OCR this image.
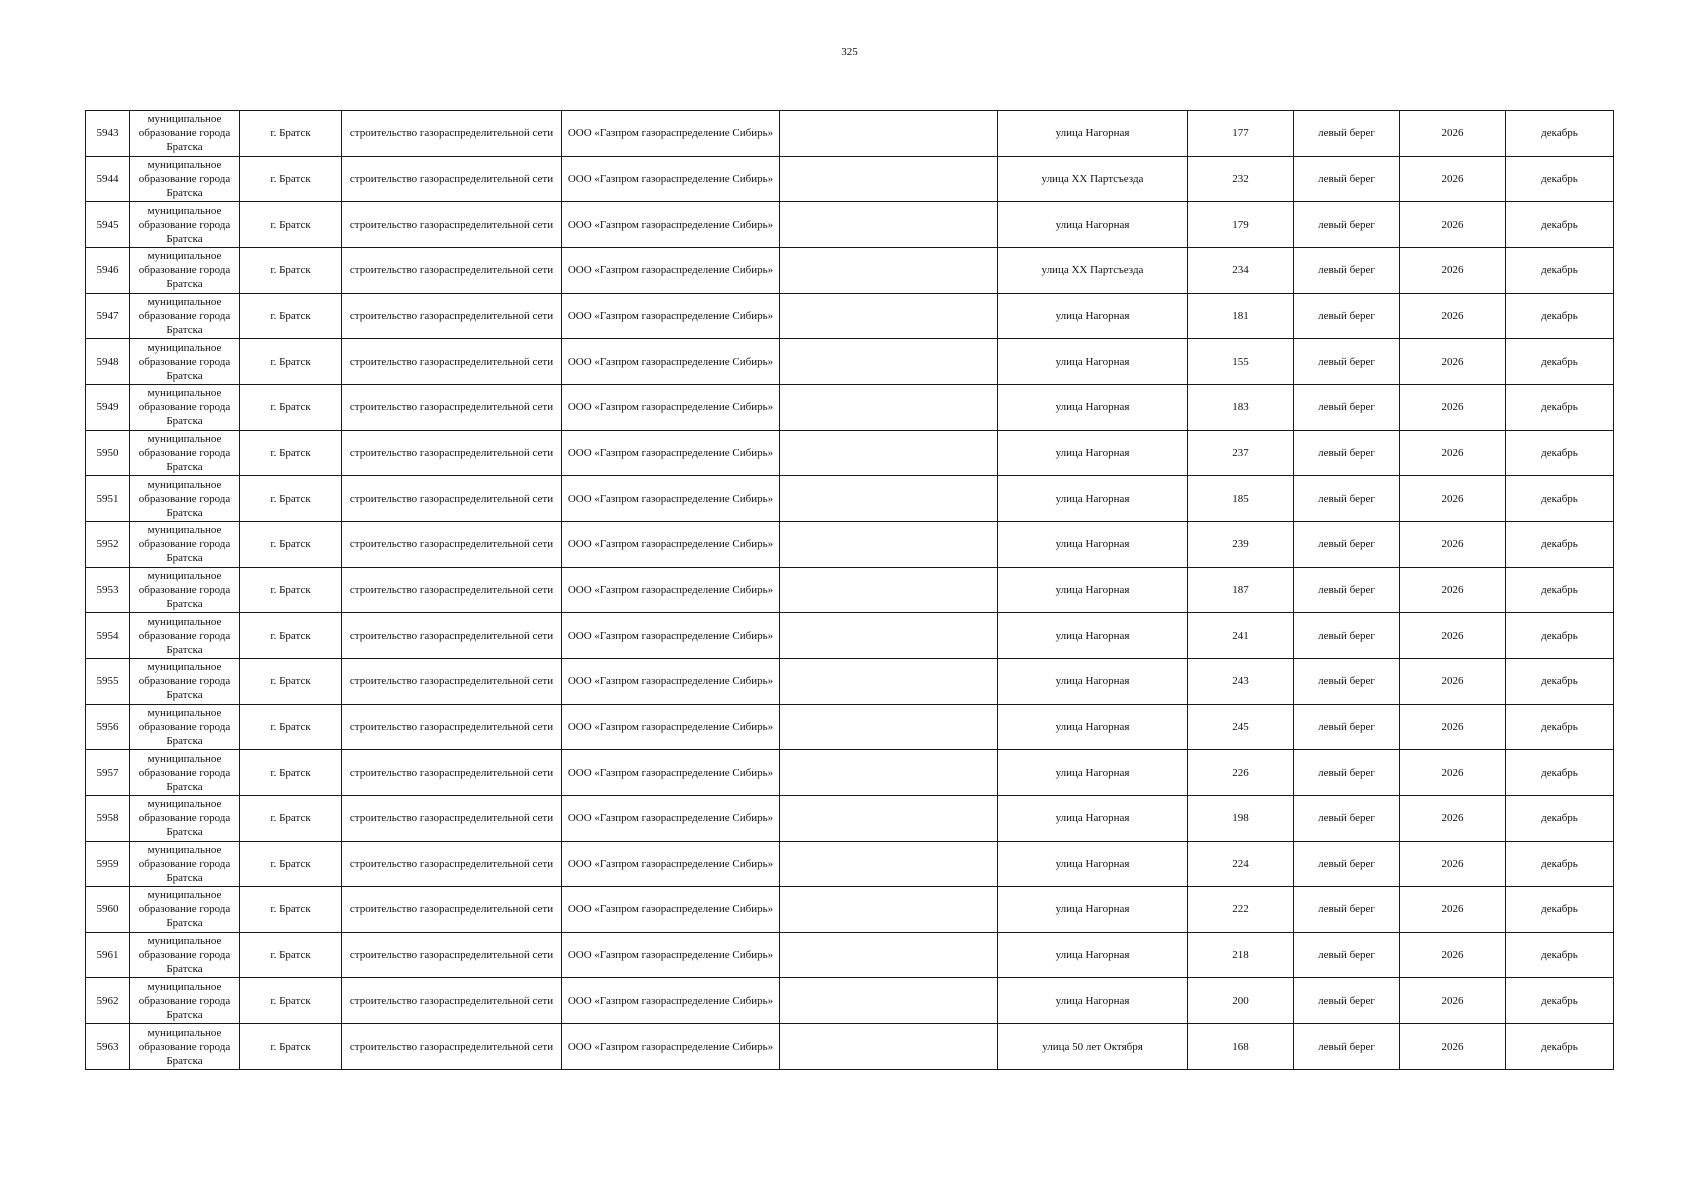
325
5943	муниципальное образование города Братска	г. Братск	строительство газораспределительной сети	ООО «Газпром газораспределение Сибирь»		улица Нагорная	177	левый берег	2026	декабрь
5944	муниципальное образование города Братска	г. Братск	строительство газораспределительной сети	ООО «Газпром газораспределение Сибирь»		улица XX Партсъезда	232	левый берег	2026	декабрь
5945	муниципальное образование города Братска	г. Братск	строительство газораспределительной сети	ООО «Газпром газораспределение Сибирь»		улица Нагорная	179	левый берег	2026	декабрь
5946	муниципальное образование города Братска	г. Братск	строительство газораспределительной сети	ООО «Газпром газораспределение Сибирь»		улица XX Партсъезда	234	левый берег	2026	декабрь
5947	муниципальное образование города Братска	г. Братск	строительство газораспределительной сети	ООО «Газпром газораспределение Сибирь»		улица Нагорная	181	левый берег	2026	декабрь
5948	муниципальное образование города Братска	г. Братск	строительство газораспределительной сети	ООО «Газпром газораспределение Сибирь»		улица Нагорная	155	левый берег	2026	декабрь
5949	муниципальное образование города Братска	г. Братск	строительство газораспределительной сети	ООО «Газпром газораспределение Сибирь»		улица Нагорная	183	левый берег	2026	декабрь
5950	муниципальное образование города Братска	г. Братск	строительство газораспределительной сети	ООО «Газпром газораспределение Сибирь»		улица Нагорная	237	левый берег	2026	декабрь
5951	муниципальное образование города Братска	г. Братск	строительство газораспределительной сети	ООО «Газпром газораспределение Сибирь»		улица Нагорная	185	левый берег	2026	декабрь
5952	муниципальное образование города Братска	г. Братск	строительство газораспределительной сети	ООО «Газпром газораспределение Сибирь»		улица Нагорная	239	левый берег	2026	декабрь
5953	муниципальное образование города Братска	г. Братск	строительство газораспределительной сети	ООО «Газпром газораспределение Сибирь»		улица Нагорная	187	левый берег	2026	декабрь
5954	муниципальное образование города Братска	г. Братск	строительство газораспределительной сети	ООО «Газпром газораспределение Сибирь»		улица Нагорная	241	левый берег	2026	декабрь
5955	муниципальное образование города Братска	г. Братск	строительство газораспределительной сети	ООО «Газпром газораспределение Сибирь»		улица Нагорная	243	левый берег	2026	декабрь
5956	муниципальное образование города Братска	г. Братск	строительство газораспределительной сети	ООО «Газпром газораспределение Сибирь»		улица Нагорная	245	левый берег	2026	декабрь
5957	муниципальное образование города Братска	г. Братск	строительство газораспределительной сети	ООО «Газпром газораспределение Сибирь»		улица Нагорная	226	левый берег	2026	декабрь
5958	муниципальное образование города Братска	г. Братск	строительство газораспределительной сети	ООО «Газпром газораспределение Сибирь»		улица Нагорная	198	левый берег	2026	декабрь
5959	муниципальное образование города Братска	г. Братск	строительство газораспределительной сети	ООО «Газпром газораспределение Сибирь»		улица Нагорная	224	левый берег	2026	декабрь
5960	муниципальное образование города Братска	г. Братск	строительство газораспределительной сети	ООО «Газпром газораспределение Сибирь»		улица Нагорная	222	левый берег	2026	декабрь
5961	муниципальное образование города Братска	г. Братск	строительство газораспределительной сети	ООО «Газпром газораспределение Сибирь»		улица Нагорная	218	левый берег	2026	декабрь
5962	муниципальное образование города Братска	г. Братск	строительство газораспределительной сети	ООО «Газпром газораспределение Сибирь»		улица Нагорная	200	левый берег	2026	декабрь
5963	муниципальное образование города Братска	г. Братск	строительство газораспределительной сети	ООО «Газпром газораспределение Сибирь»		улица 50 лет Октября	168	левый берег	2026	декабрь
